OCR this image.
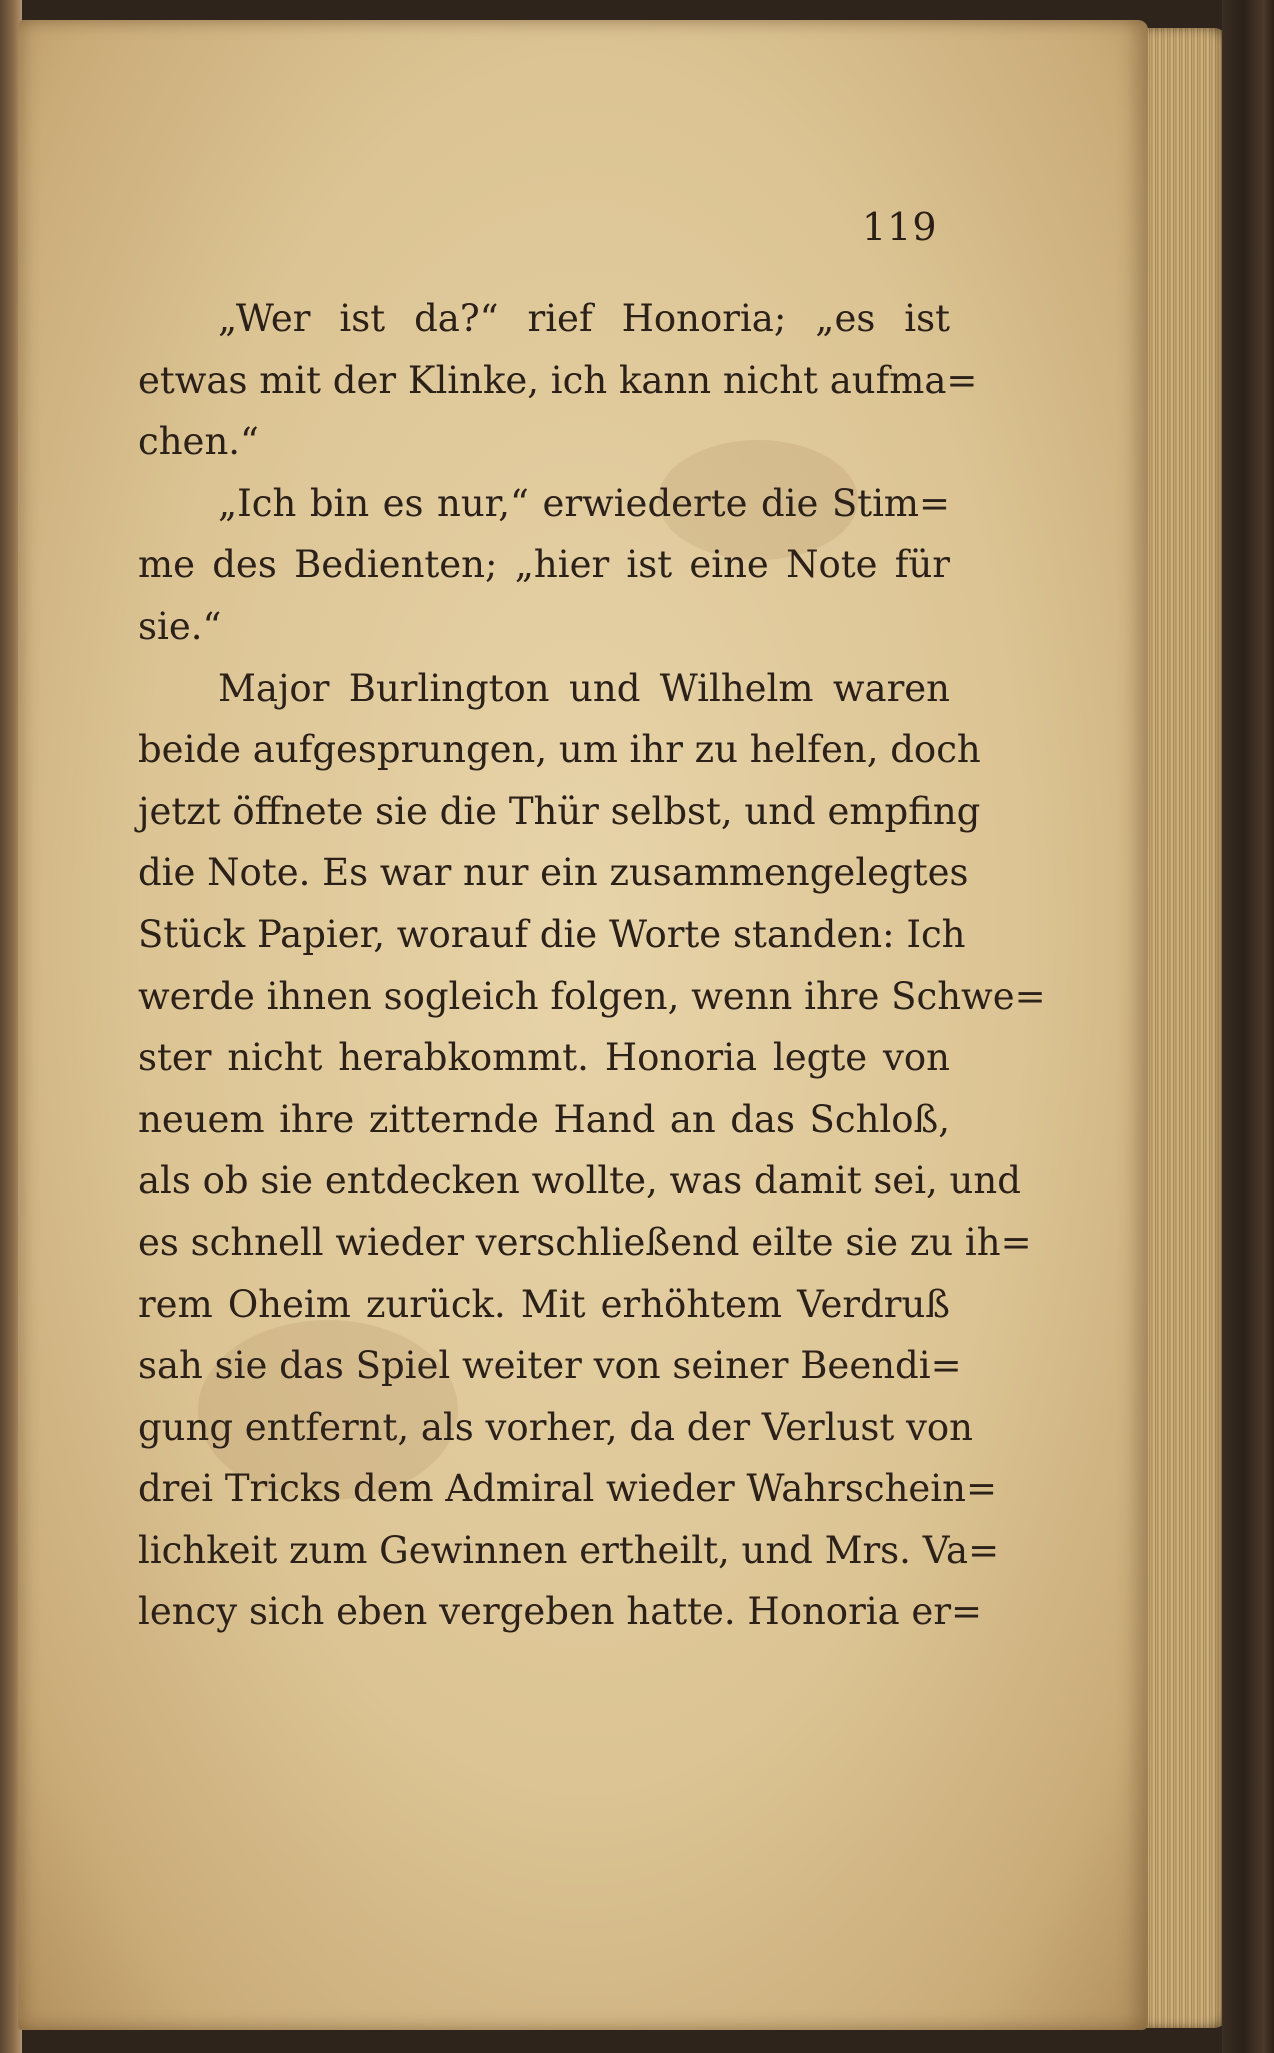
119
„Wer ist da?“ rief Honoria; „es ist
etwas mit der Klinke, ich kann nicht aufma=
chen.“
„Ich bin es nur,“ erwiederte die Stim=
me des Bedienten; „hier ist eine Note für
sie.“
Major Burlington und Wilhelm waren
beide aufgesprungen, um ihr zu helfen, doch
jetzt öffnete sie die Thür selbst, und empfing
die Note. Es war nur ein zusammengelegtes
Stück Papier, worauf die Worte standen: Ich
werde ihnen sogleich folgen, wenn ihre Schwe=
ster nicht herabkommt. Honoria legte von
neuem ihre zitternde Hand an das Schloß,
als ob sie entdecken wollte, was damit sei, und
es schnell wieder verschließend eilte sie zu ih=
rem Oheim zurück. Mit erhöhtem Verdruß
sah sie das Spiel weiter von seiner Beendi=
gung entfernt, als vorher, da der Verlust von
drei Tricks dem Admiral wieder Wahrschein=
lichkeit zum Gewinnen ertheilt, und Mrs. Va=
lency sich eben vergeben hatte. Honoria er=
